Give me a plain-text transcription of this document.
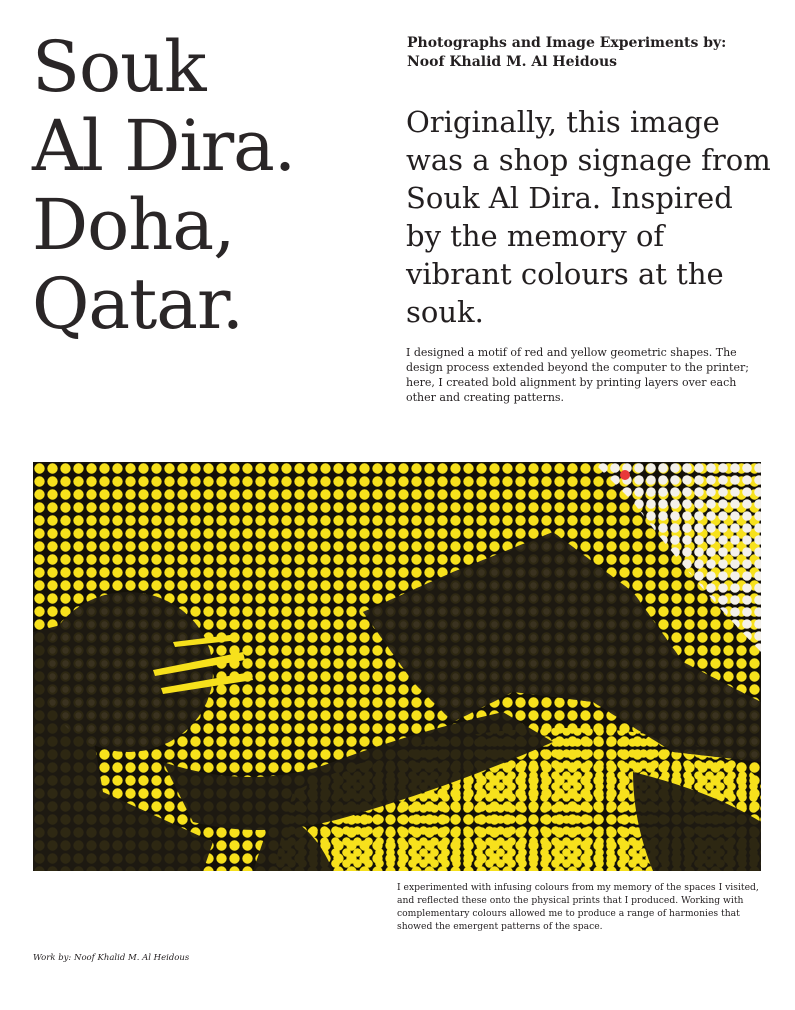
Souk
Al Dira.
Doha,
Qatar.
Photographs and Image Experiments by:
Noof Khalid M. Al Heidous
Originally, this image was a shop signage from Souk Al Dira. Inspired by the memory of vibrant colours at the souk.
I designed a motif of red and yellow geometric shapes. The design process extended beyond the computer to the printer; here, I created bold alignment by printing layers over each other and creating patterns.
I experimented with infusing colours from my memory of the spaces I visited, and reflected these onto the physical prints that I produced. Working with complementary colours allowed me to produce a range of harmonies that showed the emergent patterns of the space.
Work by: Noof Khalid M. Al Heidous
